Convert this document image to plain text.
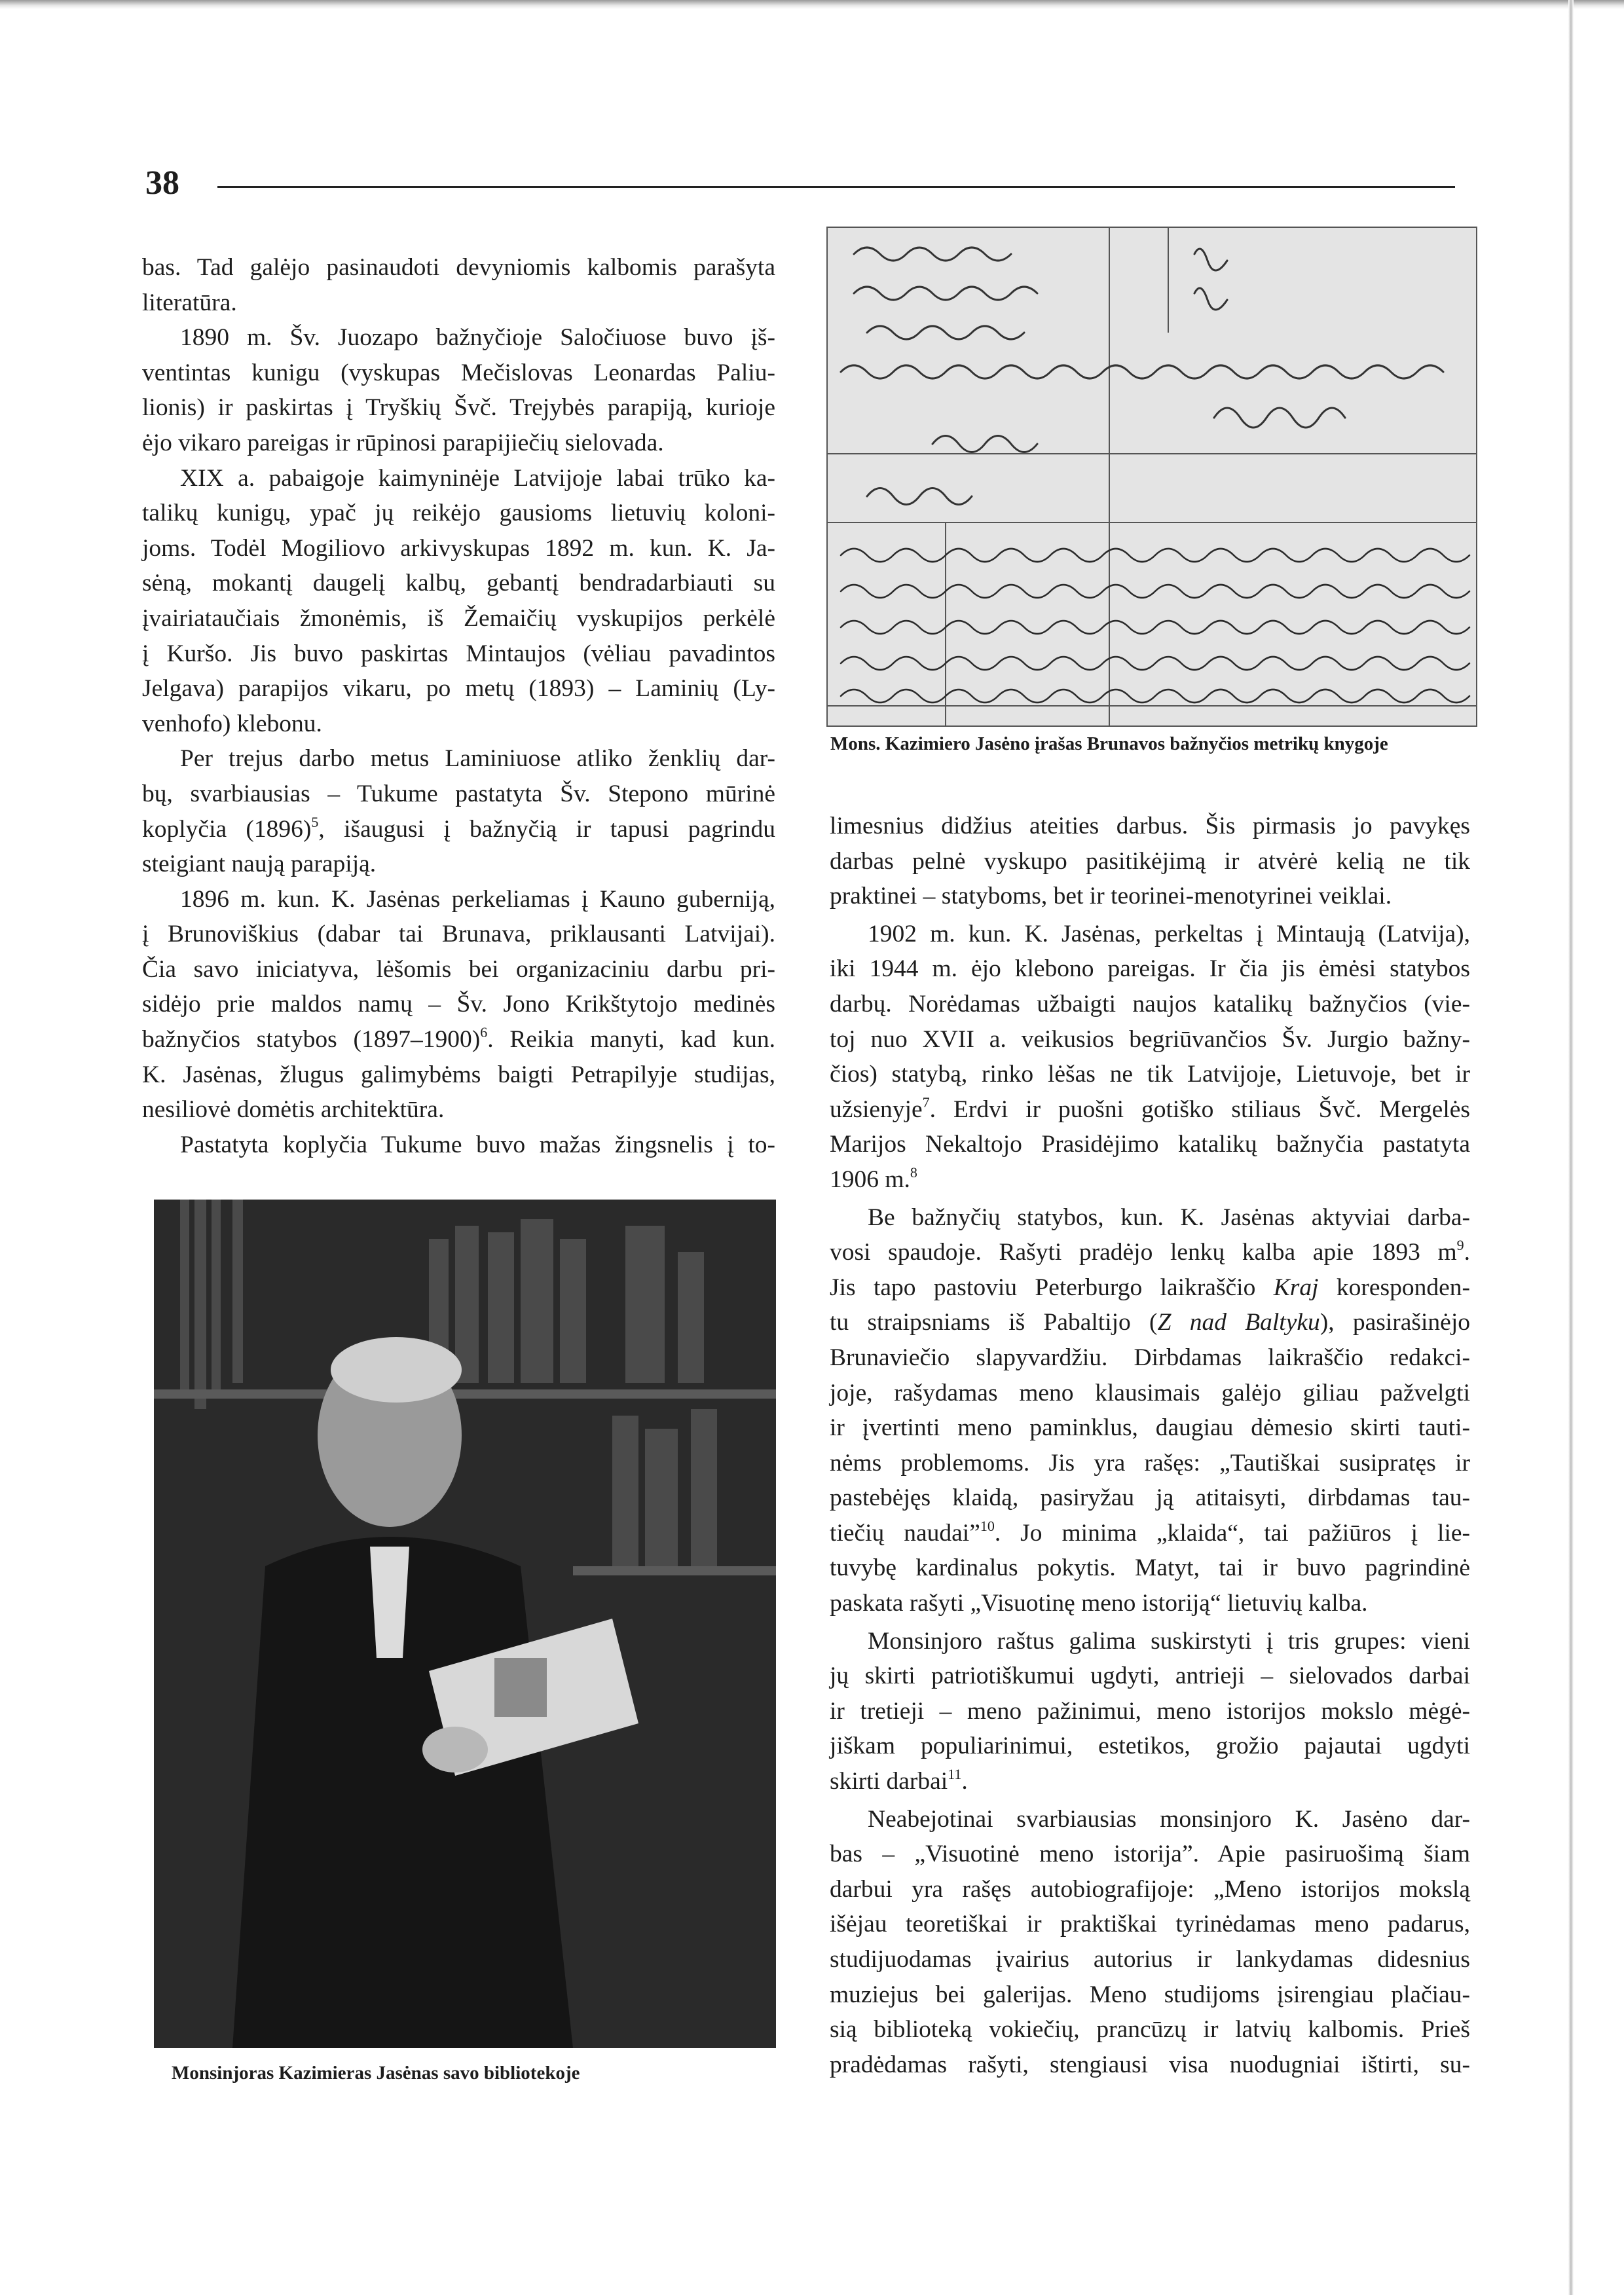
38
bas. Tad galėjo pasinaudoti devyniomis kalbomis parašyta
literatūra.
1890 m. Šv. Juozapo bažnyčioje Saločiuose buvo įš-
ventintas kunigu (vyskupas Mečislovas Leonardas Paliu-
lionis) ir paskirtas į Tryškių Švč. Trejybės parapiją, kurioje
ėjo vikaro pareigas ir rūpinosi parapijiečių sielovada.
XIX a. pabaigoje kaimyninėje Latvijoje labai trūko ka-
talikų kunigų, ypač jų reikėjo gausioms lietuvių koloni-
joms. Todėl Mogiliovo arkivyskupas 1892 m. kun. K. Ja-
sėną, mokantį daugelį kalbų, gebantį bendradarbiauti su
įvairiataučiais žmonėmis, iš Žemaičių vyskupijos perkėlė
į Kuršo. Jis buvo paskirtas Mintaujos (vėliau pavadintos
Jelgava) parapijos vikaru, po metų (1893) – Laminių (Ly-
venhofo) klebonu.
Per trejus darbo metus Laminiuose atliko ženklių dar-
bų, svarbiausias – Tukume pastatyta Šv. Stepono mūrinė
koplyčia $(1896)^5$, išaugusi į bažnyčią ir tapusi pagrindu
steigiant naują parapiją.
1896 m. kun. K. Jasėnas perkeliamas į Kauno guberniją,
į Brunoviškius (dabar tai Brunava, priklausanti Latvijai).
Čia savo iniciatyva, lėšomis bei organizaciniu darbu pri-
sidėjo prie maldos namų – Šv. Jono Krikštytojo medinės
bažnyčios statybos (1897–1900)$^6$. Reikia manyti, kad kun.
K. Jasėnas, žlugus galimybėms baigti Petrapilyje studijas,
nesiliovė domėtis architektūra.
Pastatyta koplyčia Tukume buvo mažas žingsnelis į to-
limesnius didžius ateities darbus. Šis pirmasis jo pavykęs
darbas pelnė vyskupo pasitikėjimą ir atvėrė kelią ne tik
praktinei – statyboms, bet ir teorinei-menotyrinei veiklai.
1902 m. kun. K. Jasėnas, perkeltas į Mintaują (Latvija),
iki 1944 m. ėjo klebono pareigas. Ir čia jis ėmėsi statybos
darbų. Norėdamas užbaigti naujos katalikų bažnyčios (vie-
toj nuo XVII a. veikusios begriūvančios Šv. Jurgio bažny-
čios) statybą, rinko lėšas ne tik Latvijoje, Lietuvoje, bet ir
užsienyje$^7$. Erdvi ir puošni gotiško stiliaus Švč. Mergelės
Marijos Nekaltojo Prasidėjimo katalikų bažnyčia pastatyta
1906 m.$^8$
Be bažnyčių statybos, kun. K. Jasėnas aktyviai darba-
vosi spaudoje. Rašyti pradėjo lenkų kalba apie 1893 $m^9$.
Jis tapo pastoviu Peterburgo laikraščio Kraj koresponden-
tu straipsniams iš Pabaltijo (Z nad Baltyku), pasirašinėjo
Brunaviečio slapyvardžiu. Dirbdamas laikraščio redakci-
joje, rašydamas meno klausimais galėjo giliau pažvelgti
ir įvertinti meno paminklus, daugiau dėmesio skirti tauti-
nėms problemoms. Jis yra rašęs: „Tautiškai susipratęs ir
pastebėjęs klaidą, pasiryžau ją atitaisyti, dirbdamas tau-
tiečių naudai”$^{10}$. Jo minima „klaida“, tai pažiūros į lie-
tuvybę kardinalus pokytis. Matyt, tai ir buvo pagrindinė
paskata rašyti „Visuotinę meno istoriją“ lietuvių kalba.
Monsinjoro raštus galima suskirstyti į tris grupes: vieni
jų skirti patriotiškumui ugdyti, antrieji – sielovados darbai
ir tretieji – meno pažinimui, meno istorijos mokslo mėgė-
jiškam populiarinimui, estetikos, grožio pajautai ugdyti
skirti darbai$^{11}$.
Neabejotinai svarbiausias monsinjoro K. Jasėno dar-
bas – „Visuotinė meno istorija”. Apie pasiruošimą šiam
darbui yra rašęs autobiografijoje: „Meno istorijos mokslą
išėjau teoretiškai ir praktiškai tyrinėdamas meno padarus,
studijuodamas įvairius autorius ir lankydamas didesnius
muziejus bei galerijas. Meno studijoms įsirengiau plačiau-
sią biblioteką vokiečių, prancūzų ir latvių kalbomis. Prieš
pradėdamas rašyti, stengiausi visa nuodugniai ištirti, su-
Mons. Kazimiero Jasėno įrašas Brunavos bažnyčios metrikų knygoje
Monsinjoras Kazimieras Jasėnas savo bibliotekoje
